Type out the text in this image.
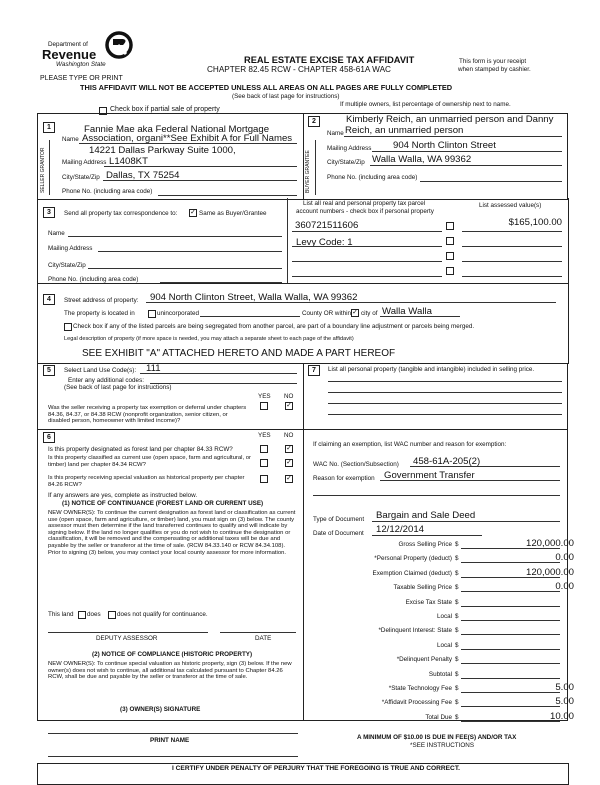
Department of
Revenue
Washington State	REAL ESTATE EXCISE TAX AFFIDAVIT
CHAPTER 82.45 RCW - CHAPTER 458-61A WAC
This form is your receipt
when stamped by cashier.
PLEASE TYPE OR PRINT
THIS AFFIDAVIT WILL NOT BE ACCEPTED UNLESS ALL AREAS ON ALL PAGES ARE FULLY COMPLETED
(See back of last page for instructions)
Check box if partial sale of property
If multiple owners, list percentage of ownership next to name.
1
2
SELLER GRANTOR	BUYER GRANTEE
Fannie Mae aka Federal National Mortgage
Name Association, organi**See Exhibit A for Full Names
14221 Dallas Parkway Suite 1000,
Mailing Address L1408KT
City/State/Zip Dallas, TX 75254
Phone No. (including area code)
Kimberly Reich, an unmarried person and Danny
Name Reich, an unmarried person
Mailing Address 904 North Clinton Street
City/State/Zip Walla Walla, WA 99362
Phone No. (including area code)
3	Send all property tax correspondence to: ✓ Same as Buyer/Grantee
Name
Mailing Address
City/State/Zip
Phone No. (including area code)
List all real and personal property tax parcel
account numbers - check box if personal property
List assessed value(s)
360721511606
Levy Code: 1
$165,100.00
4	Street address of property: 904 North Clinton Street, Walla Walla, WA 99362
The property is located in	unincorporated	County OR within ✓ city of Walla Walla
Check box if any of the listed parcels are being segregated from another parcel, are part of a boundary line adjustment or parcels being merged.
Legal description of property (if more space is needed, you may attach a separate sheet to each page of the affidavit)
SEE EXHIBIT "A" ATTACHED HERETO AND MADE A PART HEREOF
5	Select Land Use Code(s): 111
Enter any additional codes:
(See back of last page for instructions)
YES NO
Was the seller receiving a property tax exemption or deferral under chapters 84.36, 84.37, or 84.38 RCW (nonprofit organization, senior citizen, or disabled person, homeowner with limited income)?
✓
7	List all personal property (tangible and intangible) included in selling price.
6	YES NO
Is this property designated as forest land per chapter 84.33 RCW?	✓
Is this property classified as current use (open space, farm and agricultural, or timber) land per chapter 84.34 RCW?	✓
Is this property receiving special valuation as historical property per chapter 84.26 RCW?
✓
If any answers are yes, complete as instructed below.
(1) NOTICE OF CONTINUANCE (FOREST LAND OR CURRENT USE)
NEW OWNER(S): To continue the current designation as forest land or classification as current use (open space, farm and agriculture, or timber) land, you must sign on (3) below. The county assessor must then determine if the land transferred continues to qualify and will indicate by signing below. If the land no longer qualifies or you do not wish to continue the designation or classification, it will be removed and the compensating or additional taxes will be due and payable by the seller or transferor at the time of sale. (RCW 84.33.140 or RCW 84.34.108). Prior to signing (3) below, you may contact your local county assessor for more information.
This land does	does not qualify for continuance.
DEPUTY ASSESSOR	DATE
(2) NOTICE OF COMPLIANCE (HISTORIC PROPERTY)
NEW OWNER(S): To continue special valuation as historic property, sign (3) below. If the new owner(s) does not wish to continue, all additional tax calculated pursuant to Chapter 84.26 RCW, shall be due and payable by the seller or transferor at the time of sale.
(3) OWNER(S) SIGNATURE
PRINT NAME
If claiming an exemption, list WAC number and reason for exemption:
WAC No. (Section/Subsection) 458-61A-205(2)
Reason for exemption Government Transfer
Type of Document Bargain and Sale Deed
Date of Document 12/12/2014
Gross Selling Price $	120,000.00
*Personal Property (deduct) $	0.00
Exemption Claimed (deduct) $	120,000.00
Taxable Selling Price $	0.00
Excise Tax State $
Local $
*Delinquent Interest: State $
Local $
*Delinquent Penalty $
Subtotal $
*State Technology Fee $	5.00
*Affidavit Processing Fee $	5.00
Total Due $	10.00
A MINIMUM OF $10.00 IS DUE IN FEE(S) AND/OR TAX
*SEE INSTRUCTIONS
I CERTIFY UNDER PENALTY OF PERJURY THAT THE FOREGOING IS TRUE AND CORRECT.
